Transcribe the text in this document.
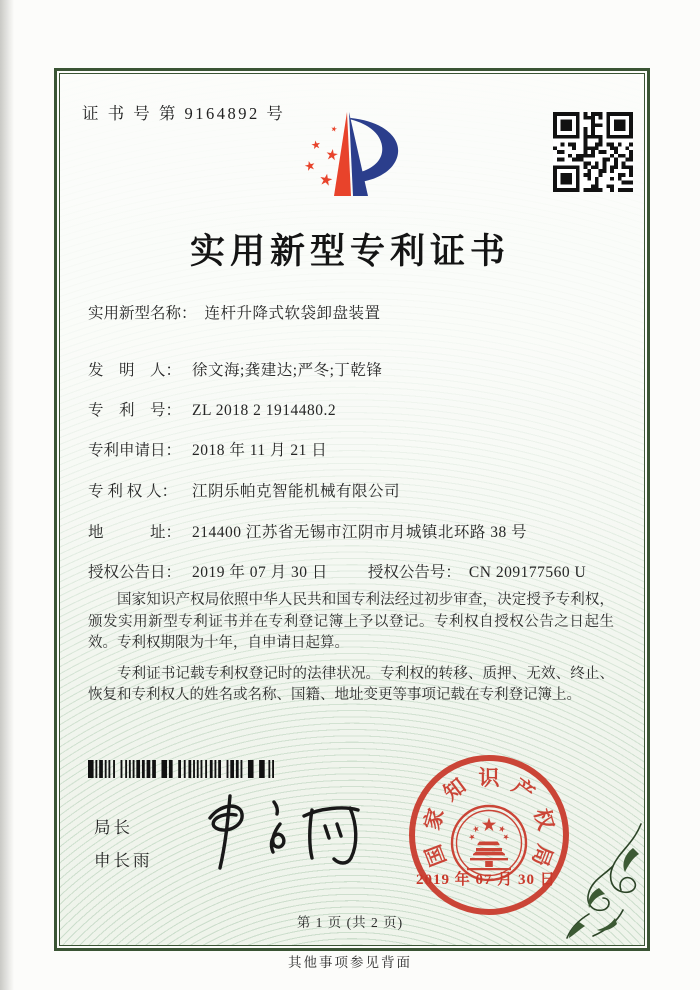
证 书 号 第 9164892 号
实用新型专利证书
实用新型名称： 连杆升降式软袋卸盘装置
发　明　人： 徐文海;龚建达;严冬;丁乾锋
专　利　号： ZL 2018 2 1914480.2
专利申请日： 2018 年 11 月 21 日
专 利 权 人： 江阴乐帕克智能机械有限公司
地　　　址： 214400 江苏省无锡市江阴市月城镇北环路 38 号
授权公告日： 2019 年 07 月 30 日	授权公告号： CN 209177560 U

国家知识产权局依照中华人民共和国专利法经过初步审查，决定授予专利权，颁发实用新型专利证书并在专利登记簿上予以登记。专利权自授权公告之日起生效。专利权期限为十年，自申请日起算。

专利证书记载专利权登记时的法律状况。专利权的转移、质押、无效、终止、恢复和专利权人的姓名或名称、国籍、地址变更等事项记载在专利登记簿上。

局长
申长雨	国
家
知 识 产
权
局
2019 年 07 月 30 日
第 1 页 (共 2 页)
其他事项参见背面
